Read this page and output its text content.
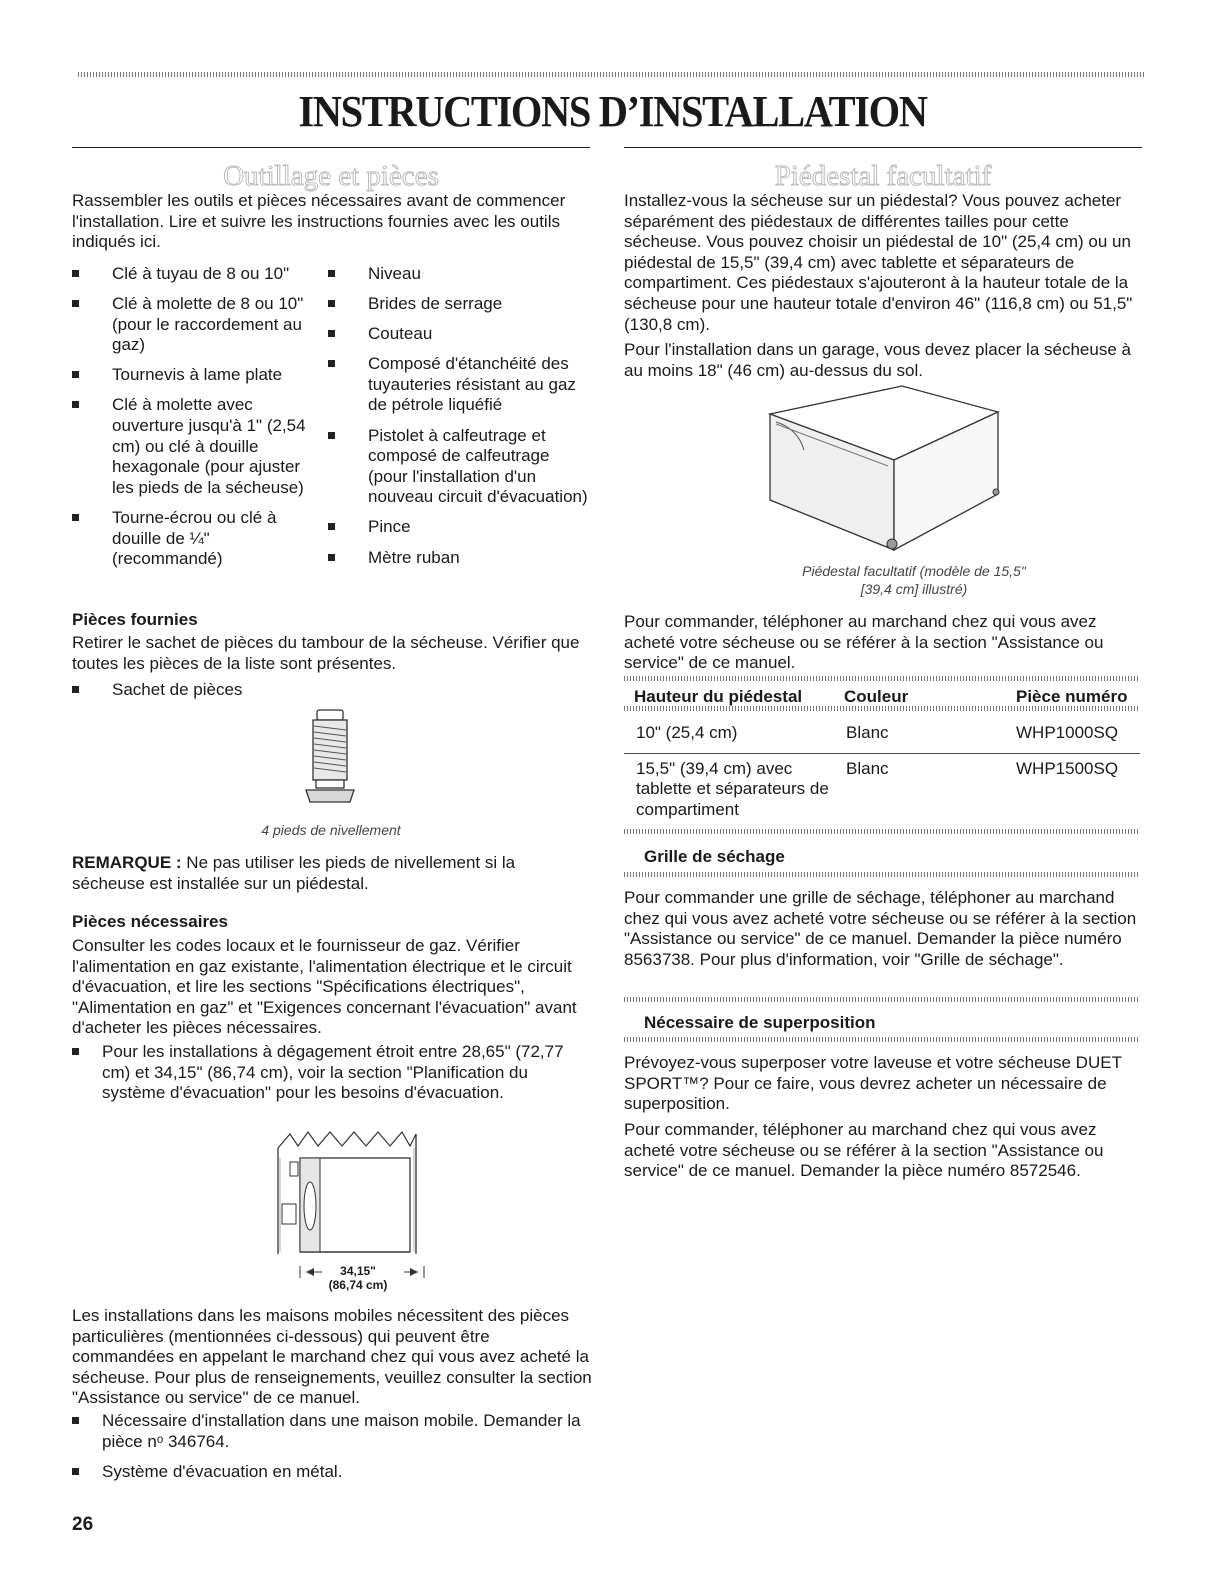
INSTRUCTIONS D’INSTALLATION
Outillage et pièces
Rassembler les outils et pièces nécessaires avant de commencer l'installation. Lire et suivre les instructions fournies avec les outils indiqués ici.
Clé à tuyau de 8 ou 10"
Clé à molette de 8 ou 10" (pour le raccordement au gaz)
Tournevis à lame plate
Clé à molette avec ouverture jusqu'à 1" (2,54 cm) ou clé à douille hexagonale (pour ajuster les pieds de la sécheuse)
Tourne-écrou ou clé à douille de ¼" (recommandé)
Niveau
Brides de serrage
Couteau
Composé d'étanchéité des tuyauteries résistant au gaz de pétrole liquéfié
Pistolet à calfeutrage et composé de calfeutrage (pour l'installation d'un nouveau circuit d'évacuation)
Pince
Mètre ruban
Pièces fournies
Retirer le sachet de pièces du tambour de la sécheuse. Vérifier que toutes les pièces de la liste sont présentes.
Sachet de pièces
4 pieds de nivellement
REMARQUE : Ne pas utiliser les pieds de nivellement si la sécheuse est installée sur un piédestal.
Pièces nécessaires
Consulter les codes locaux et le fournisseur de gaz. Vérifier l'alimentation en gaz existante, l'alimentation électrique et le circuit d'évacuation, et lire les sections "Spécifications électriques", "Alimentation en gaz" et "Exigences concernant l'évacuation" avant d'acheter les pièces nécessaires.
Pour les installations à dégagement étroit entre 28,65" (72,77 cm) et 34,15" (86,74 cm), voir la section "Planification du système d'évacuation" pour les besoins d'évacuation.
34,15"
(86,74 cm)
Les installations dans les maisons mobiles nécessitent des pièces particulières (mentionnées ci-dessous) qui peuvent être commandées en appelant le marchand chez qui vous avez acheté la sécheuse. Pour plus de renseignements, veuillez consulter la section "Assistance ou service" de ce manuel.
Nécessaire d'installation dans une maison mobile. Demander la pièce nᵒ 346764.
Système d'évacuation en métal.
26
Piédestal facultatif
Installez-vous la sécheuse sur un piédestal? Vous pouvez acheter séparément des piédestaux de différentes tailles pour cette sécheuse. Vous pouvez choisir un piédestal de 10" (25,4 cm) ou un piédestal de 15,5" (39,4 cm) avec tablette et séparateurs de compartiment. Ces piédestaux s'ajouteront à la hauteur totale de la sécheuse pour une hauteur totale d'environ 46" (116,8 cm) ou 51,5" (130,8 cm).
Pour l'installation dans un garage, vous devez placer la sécheuse à au moins 18" (46 cm) au-dessus du sol.
Piédestal facultatif (modèle de 15,5"
[39,4 cm] illustré)
Pour commander, téléphoner au marchand chez qui vous avez acheté votre sécheuse ou se référer à la section "Assistance ou service" de ce manuel.
Hauteur du piédestal	Couleur	Pièce numéro
10" (25,4 cm)	Blanc	WHP1000SQ
15,5" (39,4 cm) avec tablette et séparateurs de compartiment	Blanc	WHP1500SQ
Grille de séchage
Pour commander une grille de séchage, téléphoner au marchand chez qui vous avez acheté votre sécheuse ou se référer à la section "Assistance ou service" de ce manuel. Demander la pièce numéro 8563738. Pour plus d'information, voir "Grille de séchage".
Nécessaire de superposition
Prévoyez-vous superposer votre laveuse et votre sécheuse DUET SPORT™? Pour ce faire, vous devrez acheter un nécessaire de superposition.
Pour commander, téléphoner au marchand chez qui vous avez acheté votre sécheuse ou se référer à la section "Assistance ou service" de ce manuel. Demander la pièce numéro 8572546.
